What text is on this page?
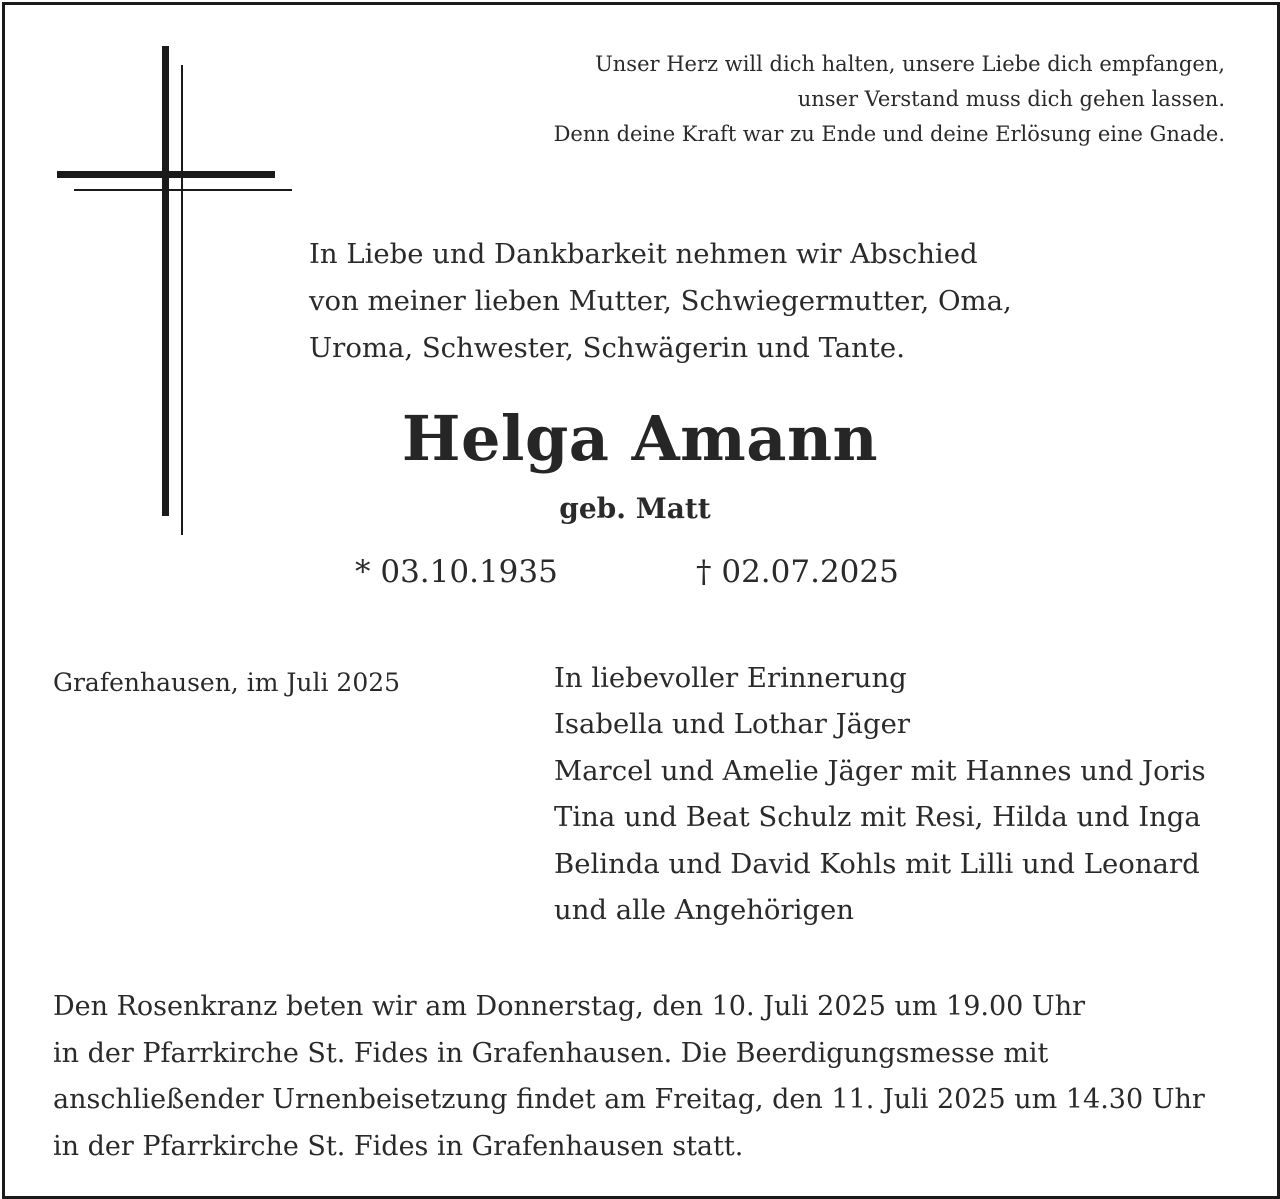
Unser Herz will dich halten, unsere Liebe dich empfangen,
unser Verstand muss dich gehen lassen.
Denn deine Kraft war zu Ende und deine Erlösung eine Gnade.
In Liebe und Dankbarkeit nehmen wir Abschied
von meiner lieben Mutter, Schwiegermutter, Oma,
Uroma, Schwester, Schwägerin und Tante.
Helga Amann
geb. Matt
* 03.10.1935	† 02.07.2025
Grafenhausen, im Juli 2025	In liebevoller Erinnerung
Isabella und Lothar Jäger
Marcel und Amelie Jäger mit Hannes und Joris
Tina und Beat Schulz mit Resi, Hilda und Inga
Belinda und David Kohls mit Lilli und Leonard
und alle Angehörigen
Den Rosenkranz beten wir am Donnerstag, den 10. Juli 2025 um 19.00 Uhr
in der Pfarrkirche St. Fides in Grafenhausen. Die Beerdigungsmesse mit
anschließender Urnenbeisetzung findet am Freitag, den 11. Juli 2025 um 14.30 Uhr
in der Pfarrkirche St. Fides in Grafenhausen statt.
